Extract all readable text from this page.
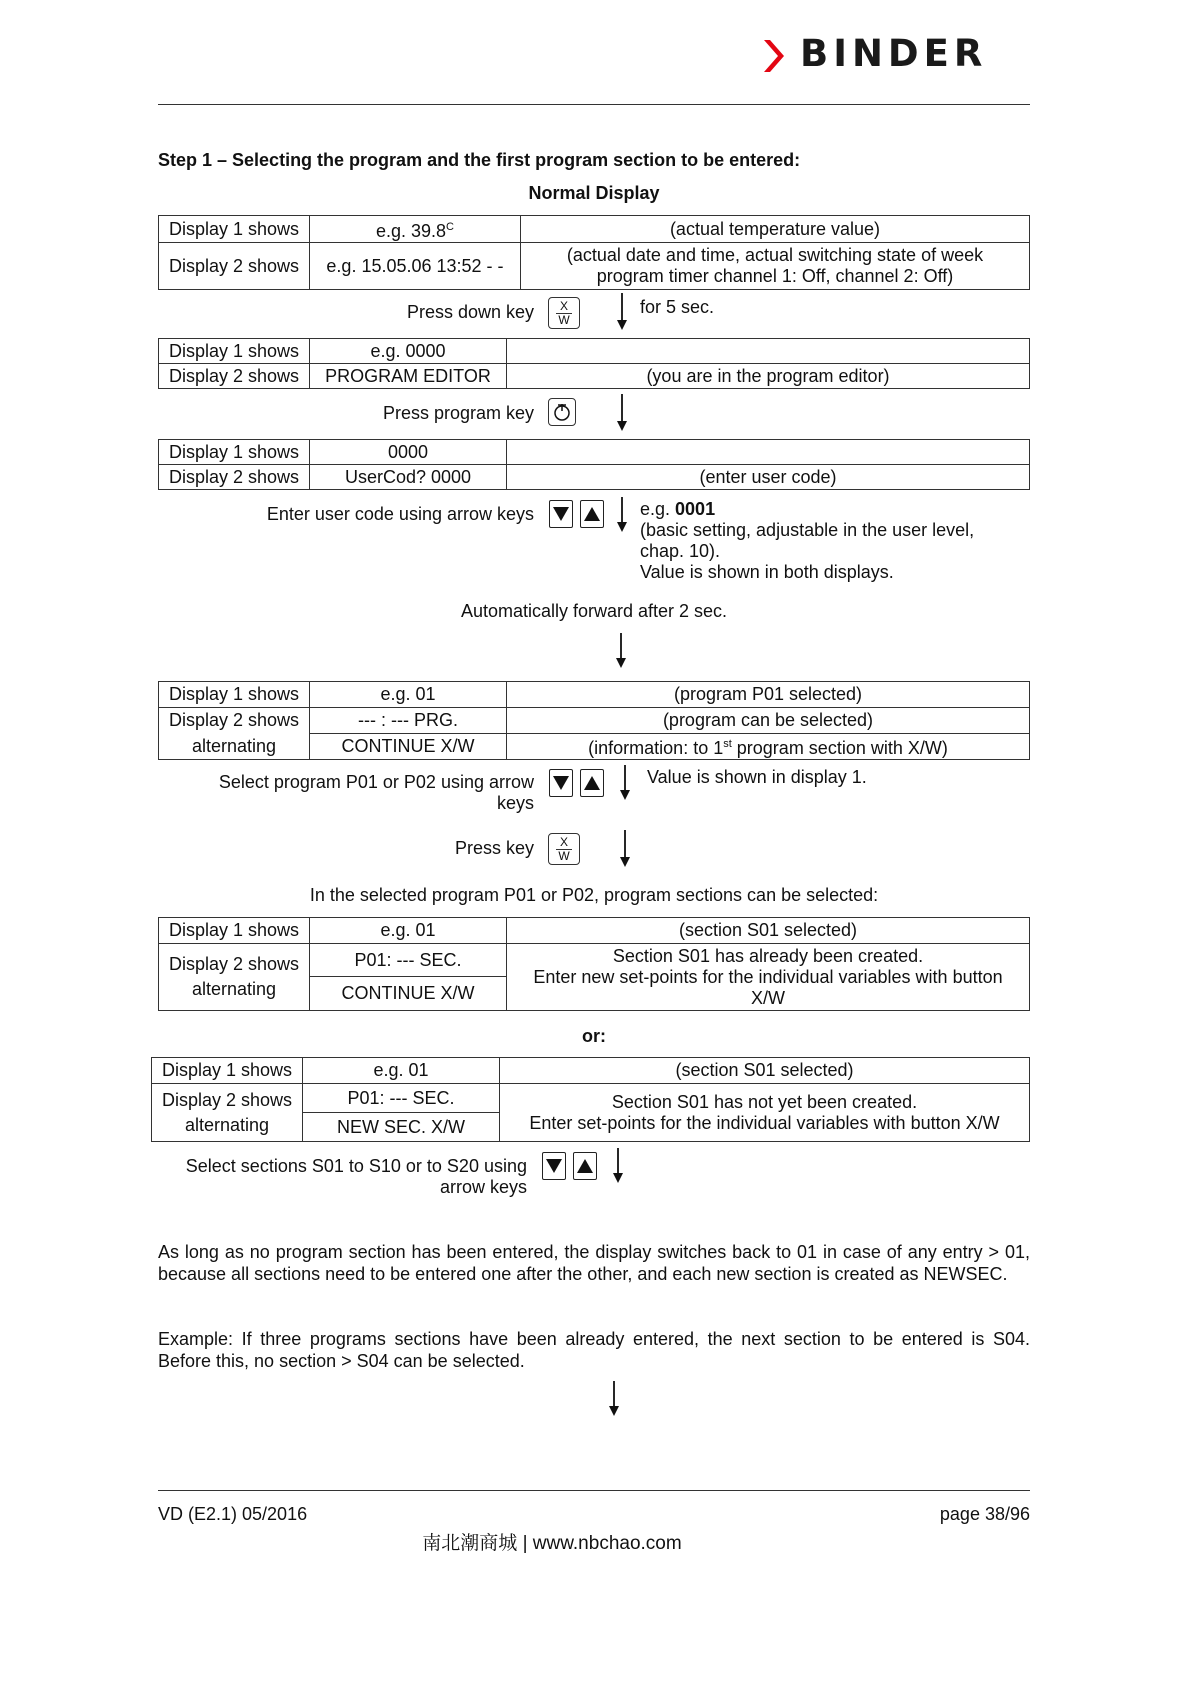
BINDER
Step 1 – Selecting the program and the first program section to be entered:
Normal Display
Display 1 shows	e.g. $39.8^C$	(actual temperature value)
Display 2 shows	e.g. 15.05.06 13:52 - -	(actual date and time, actual switching state of week program timer channel 1: Off, channel 2: Off)
Press down key	X
W
for 5 sec.
Display 1 shows	e.g. 0000	
Display 2 shows	PROGRAM EDITOR	(you are in the program editor)
Press program key
Display 1 shows	0000	
Display 2 shows	UserCod? 0000	(enter user code)
Enter user code using arrow keys	e.g. 0001
(basic setting, adjustable in the user level,
chap. 10).
Value is shown in both displays.
Automatically forward after 2 sec.
Display 1 shows	e.g. 01	(program P01 selected)
Display 2 shows	--- : --- PRG.	(program can be selected)
alternating	CONTINUE X/W	(information: to 1st program section with X/W)
Select program P01 or P02 using arrow
keys
Value is shown in display 1.
Press key	X
W
In the selected program P01 or P02, program sections can be selected:
Display 1 shows	e.g. 01	(section S01 selected)
Display 2 shows	P01: --- SEC.	Section S01 has already been created.
Enter new set-points for the individual variables with button X/W
alternating	CONTINUE X/W	
or:
Display 1 shows	e.g. 01	(section S01 selected)
Display 2 shows	P01: --- SEC.	Section S01 has not yet been created.
Enter set-points for the individual variables with button X/W
alternating	NEW SEC. X/W	
Select sections S01 to S10 or to S20 using
arrow keys
As long as no program section has been entered, the display switches back to 01 in case of any entry > 01, because all sections need to be entered one after the other, and each new section is created as NEWSEC.
Example: If three programs sections have been already entered, the next section to be entered is S04. Before this, no section > S04 can be selected.
VD (E2.1) 05/2016	page 38/96
南北潮商城 | www.nbchao.com
